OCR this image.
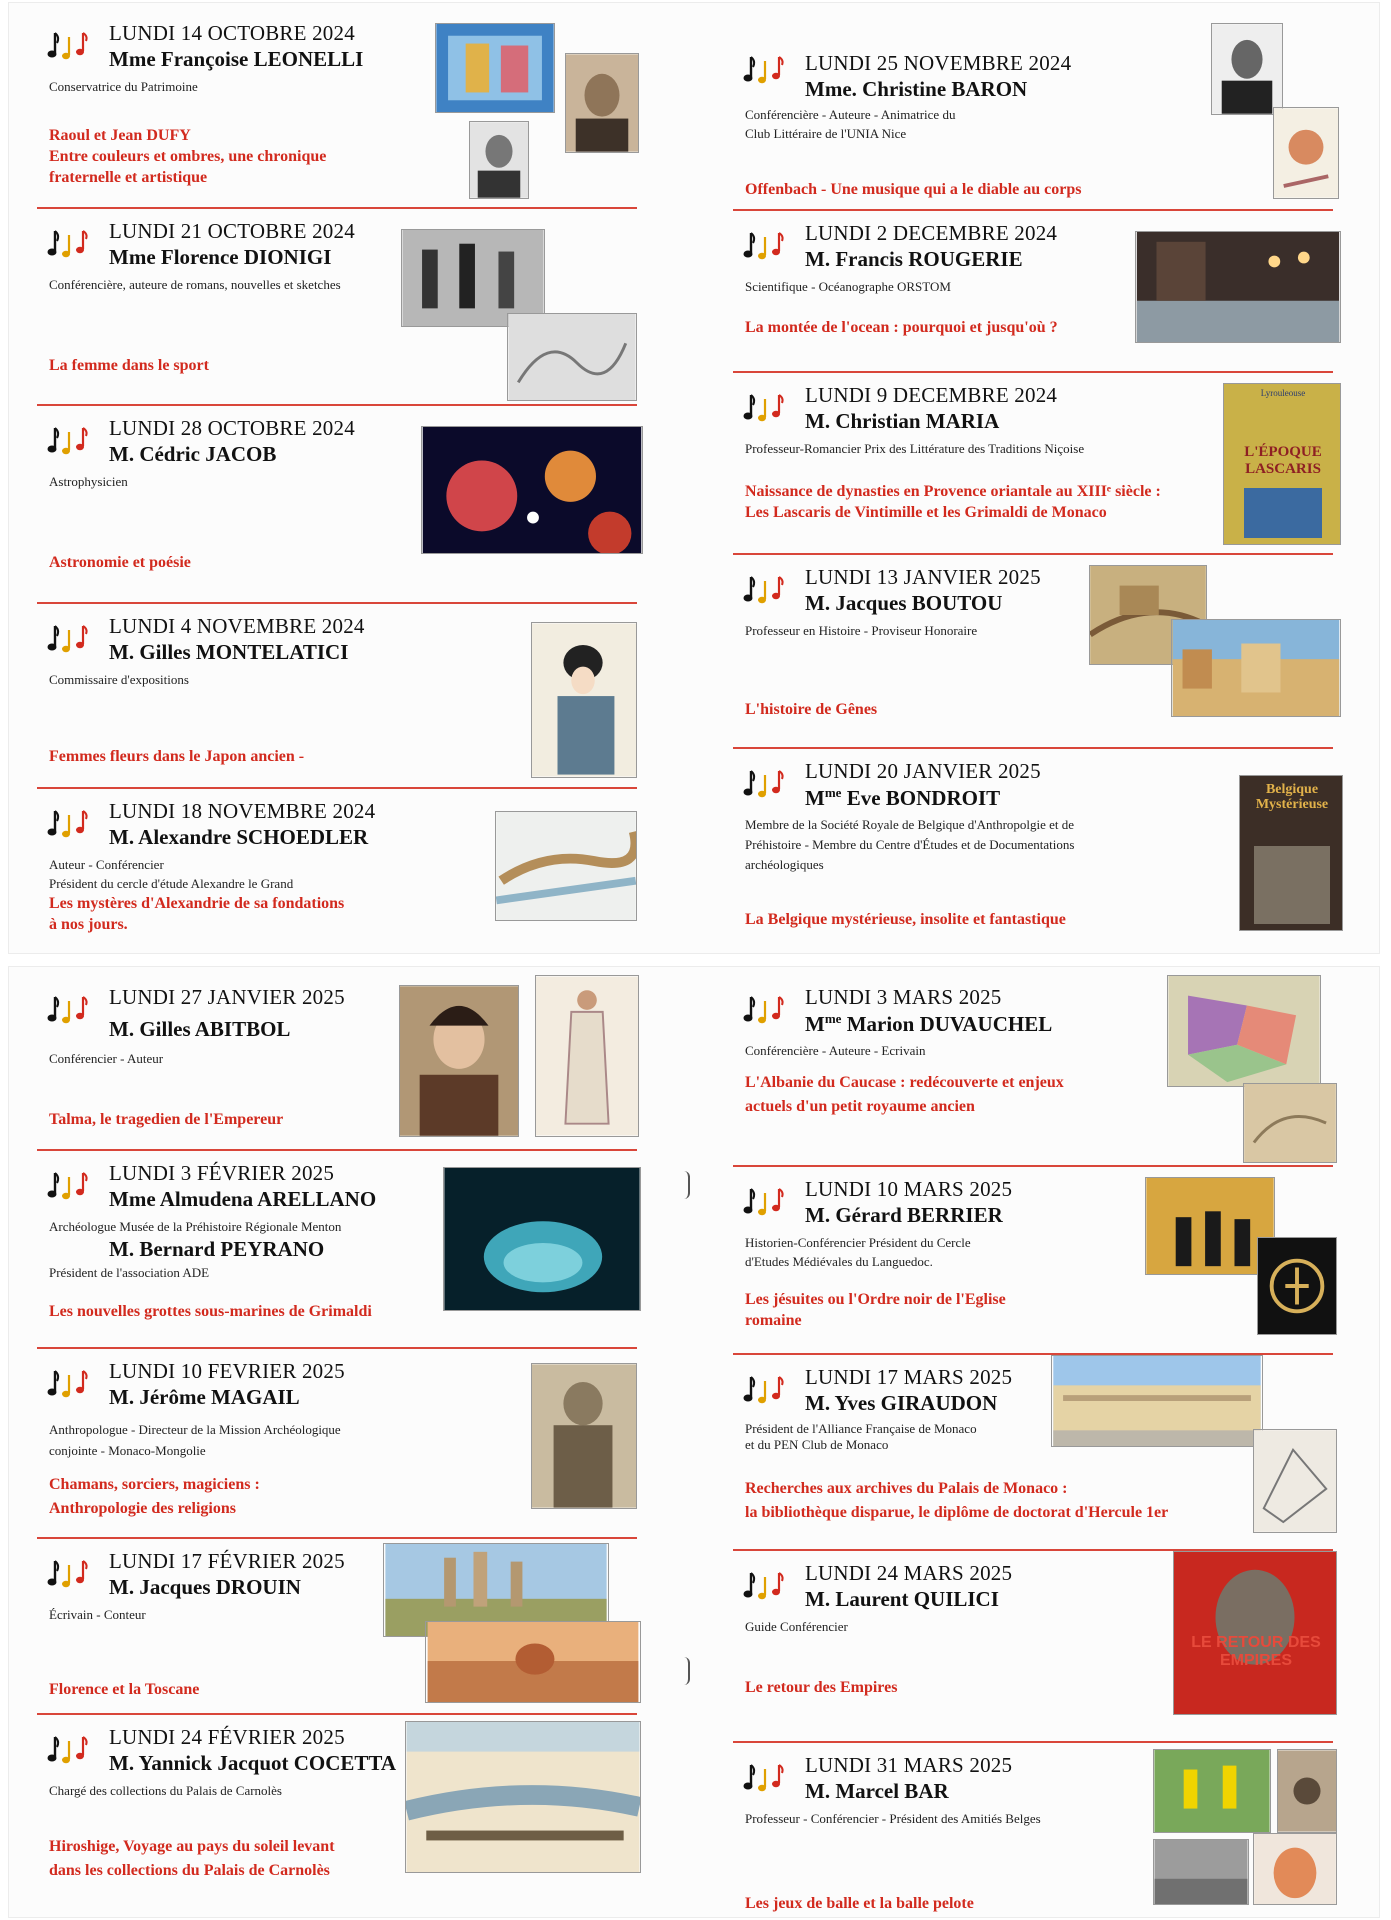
LUNDI 14 OCTOBRE 2024
Mme Françoise LEONELLI
Conservatrice du Patrimoine
Raoul et Jean DUFY
Entre couleurs et ombres, une chronique
fraternelle et artistique
LUNDI 21 OCTOBRE 2024
Mme Florence DIONIGI
Conférencière, auteure de romans, nouvelles et sketches
La femme dans le sport
LUNDI 28 OCTOBRE 2024
M. Cédric JACOB
Astrophysicien
Astronomie et poésie
LUNDI 4 NOVEMBRE 2024
M. Gilles MONTELATICI
Commissaire d'expositions
Femmes fleurs dans le Japon ancien -
LUNDI 18 NOVEMBRE 2024
M. Alexandre SCHOEDLER
Auteur - Conférencier
Président du cercle d'étude Alexandre le Grand
Les mystères d'Alexandrie de sa fondations
à nos jours.
LUNDI 25 NOVEMBRE 2024
Mme. Christine BARON
Conférencière - Auteure - Animatrice du
Club Littéraire de l'UNIA Nice
Offenbach - Une musique qui a le diable au corps
LUNDI 2 DECEMBRE 2024
M. Francis ROUGERIE
Scientifique - Océanographe ORSTOM
La montée de l'ocean : pourquoi et jusqu'où ?
LUNDI 9 DECEMBRE 2024
M. Christian MARIA
Professeur-Romancier Prix des Littérature des Traditions Niçoise
Naissance de dynasties en Provence oriantale au XIIIᵉ siècle :
Les Lascaris de Vintimille et les Grimaldi de Monaco
Lyrouleouse
L'ÉPOQUE LASCARIS
LUNDI 13 JANVIER 2025
M. Jacques BOUTOU
Professeur en Histoire - Proviseur Honoraire
L'histoire de Gênes
LUNDI 20 JANVIER 2025
$M^{me}$ Eve BONDROIT
Membre de la Société Royale de Belgique d'Anthropolgie et de
Préhistoire - Membre du Centre d'Études et de Documentations
archéologiques
La Belgique mystérieuse, insolite et fantastique
Belgique Mystérieuse
LUNDI 27 JANVIER 2025
M. Gilles ABITBOL
Conférencier - Auteur
Talma, le tragedien de l'Empereur
LUNDI 3 FÉVRIER 2025
Mme Almudena ARELLANO
Archéologue Musée de la Préhistoire Régionale Menton
M. Bernard PEYRANO
Président de l'association ADE
Les nouvelles grottes sous-marines de Grimaldi
LUNDI 10 FEVRIER 2025
M. Jérôme MAGAIL
Anthropologue - Directeur de la Mission Archéologique
conjointe - Monaco-Mongolie
Chamans, sorciers, magiciens :
Anthropologie des religions
LUNDI 17 FÉVRIER 2025
M. Jacques DROUIN
Écrivain - Conteur
Florence et la Toscane
LUNDI 24 FÉVRIER 2025
M. Yannick Jacquot COCETTA
Chargé des collections du Palais de Carnolès
Hiroshige, Voyage au pays du soleil levant
dans les collections du Palais de Carnolès
LUNDI 3 MARS 2025
$M^{me}$ Marion DUVAUCHEL
Conférencière - Auteure - Ecrivain
L'Albanie du Caucase : redécouverte et enjeux
actuels d'un petit royaume ancien
LUNDI 10 MARS 2025
M. Gérard BERRIER
Historien-Conférencier Président du Cercle
d'Etudes Médiévales du Languedoc.
Les jésuites ou l'Ordre noir de l'Eglise
romaine
LUNDI 17 MARS 2025
M. Yves GIRAUDON
Président de l'Alliance Française de Monaco
et du PEN Club de Monaco
Recherches aux archives du Palais de Monaco :
la bibliothèque disparue, le diplôme de doctorat d'Hercule 1er
LUNDI 24 MARS 2025
M. Laurent QUILICI
Guide Conférencier
Le retour des Empires
LE RETOUR DES EMPIRES
LUNDI 31 MARS 2025
M. Marcel BAR
Professeur - Conférencier - Président des Amitiés Belges
Les jeux de balle et la balle pelote
